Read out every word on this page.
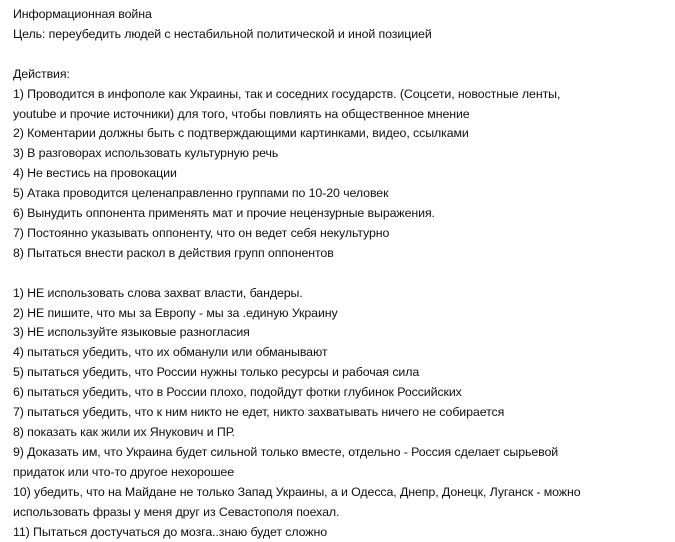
Информационная война
Цель: переубедить людей с нестабильной политической и иной позицией
Действия:
1) Проводится в инфополе как Украины, так и соседних государств. (Соцсети, новостные ленты,
youtube и прочие источники) для того, чтобы повлиять на общественное мнение
2) Коментарии должны быть с подтверждающими картинками, видео, ссылками
3) В разговорах использовать культурную речь
4) Не вестись на провокации
5) Атака проводится целенаправленно группами по 10-20 человек
6) Вынудить оппонента применять мат и прочие нецензурные выражения.
7) Постоянно указывать оппоненту, что он ведет себя некультурно
8) Пытаться внести раскол в действия групп оппонентов
1) НЕ использовать слова захват власти, бандеры.
2) НЕ пишите, что мы за Европу - мы за .единую Украину
3) НЕ используйте языковые разногласия
4) пытаться убедить, что их обманули или обманывают
5) пытаться убедить, что России нужны только ресурсы и рабочая сила
6) пытаться убедить, что в России плохо, подойдут фотки глубинок Российских
7) пытаться убедить, что к ним никто не едет, никто захватывать ничего не собирается
8) показать как жили их Янукович и ПР.
9) Доказать им, что Украина будет сильной только вместе, отдельно - Россия сделает сырьевой
придаток или что-то другое нехорошее
10) убедить, что на Майдане не только Запад Украины, а и Одесса, Днепр, Донецк, Луганск - можно
использовать фразы у меня друг из Севастополя поехал.
11) Пытаться достучаться до мозга..знаю будет сложно
